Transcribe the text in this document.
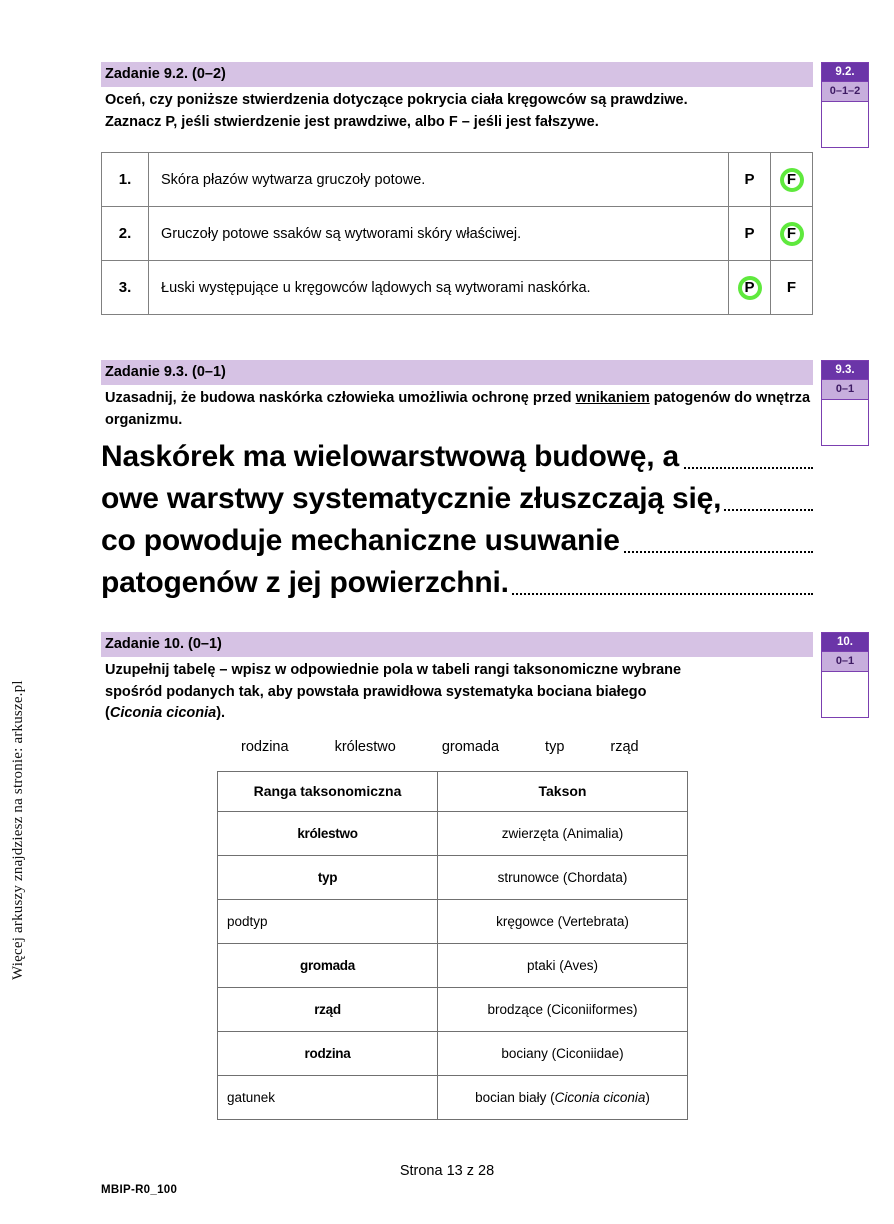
Więcej arkuszy znajdziesz na stronie: arkusze.pl
Zadanie 9.2. (0–2)
Oceń, czy poniższe stwierdzenia dotyczące pokrycia ciała kręgowców są prawdziwe.
Zaznacz P, jeśli stwierdzenie jest prawdziwe, albo F – jeśli jest fałszywe.
1.	Skóra płazów wytwarza gruczoły potowe.	P	F
2.	Gruczoły potowe ssaków są wytworami skóry właściwej.	P	F
3.	Łuski występujące u kręgowców lądowych są wytworami naskórka.	P	F
Zadanie 9.3. (0–1)
Uzasadnij, że budowa naskórka człowieka umożliwia ochronę przed wnikaniem patogenów do wnętrza organizmu.
Naskórek ma wielowarstwową budowę, a
owe warstwy systematycznie złuszczają się,
co powoduje mechaniczne usuwanie
patogenów z jej powierzchni.
Zadanie 10. (0–1)
Uzupełnij tabelę – wpisz w odpowiednie pola w tabeli rangi taksonomiczne wybrane
spośród podanych tak, aby powstała prawidłowa systematyka bociana białego
(Ciconia ciconia).
rodzina	królestwo	gromada	typ	rząd
Ranga taksonomiczna	Takson
królestwo	zwierzęta (Animalia)
typ	strunowce (Chordata)
podtyp	kręgowce (Vertebrata)
gromada	ptaki (Aves)
rząd	brodzące (Ciconiiformes)
rodzina	bociany (Ciconiidae)
gatunek	bocian biały (Ciconia ciconia)
9.2.
0–1–2
9.3.
0–1
10.
0–1
Strona 13 z 28
MBIP-R0_100
